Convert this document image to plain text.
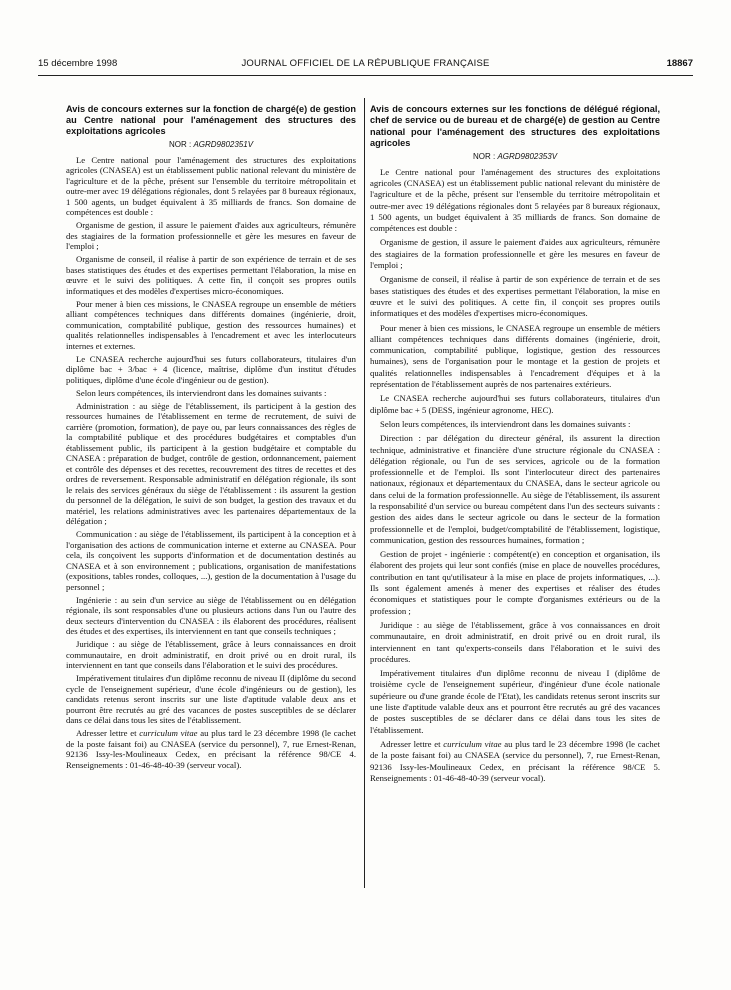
15 décembre 1998	JOURNAL OFFICIEL DE LA RÉPUBLIQUE FRANÇAISE	18867

Avis de concours externes sur la fonction de chargé(e) de gestion au Centre national pour l'aménagement des structures des exploitations agricoles

NOR : AGRD9802351V

Le Centre national pour l'aménagement des structures des exploitations agricoles (CNASEA) est un établissement public national relevant du ministère de l'agriculture et de la pêche, présent sur l'ensemble du territoire métropolitain et outre-mer avec 19 délégations régionales, dont 5 relayées par 8 bureaux régionaux, 1 500 agents, un budget équivalent à 35 milliards de francs. Son domaine de compétences est double :

Organisme de gestion, il assure le paiement d'aides aux agriculteurs, rémunère des stagiaires de la formation professionnelle et gère les mesures en faveur de l'emploi ;

Organisme de conseil, il réalise à partir de son expérience de terrain et de ses bases statistiques des études et des expertises permettant l'élaboration, la mise en œuvre et le suivi des politiques. A cette fin, il conçoit ses propres outils informatiques et des modèles d'expertises micro-économiques.

Pour mener à bien ces missions, le CNASEA regroupe un ensemble de métiers alliant compétences techniques dans différents domaines (ingénierie, droit, communication, comptabilité publique, gestion des ressources humaines) et qualités relationnelles indispensables à l'encadrement et avec les interlocuteurs internes et externes.

Le CNASEA recherche aujourd'hui ses futurs collaborateurs, titulaires d'un diplôme bac + 3/bac + 4 (licence, maîtrise, diplôme d'un institut d'études politiques, diplôme d'une école d'ingénieur ou de gestion).

Selon leurs compétences, ils interviendront dans les domaines suivants :

Administration : au siège de l'établissement, ils participent à la gestion des ressources humaines de l'établissement en terme de recrutement, de suivi de carrière (promotion, formation), de paye ou, par leurs connaissances des règles de la comptabilité publique et des procédures budgétaires et comptables d'un établissement public, ils participent à la gestion budgétaire et comptable du CNASEA : préparation de budget, contrôle de gestion, ordonnancement, paiement et contrôle des dépenses et des recettes, recouvrement des titres de recettes et des ordres de reversement. Responsable administratif en délégation régionale, ils sont le relais des services généraux du siège de l'établissement : ils assurent la gestion du personnel de la délégation, le suivi de son budget, la gestion des travaux et du matériel, les relations administratives avec les partenaires départementaux de la délégation ;

Communication : au siège de l'établissement, ils participent à la conception et à l'organisation des actions de communication interne et externe au CNASEA. Pour cela, ils conçoivent les supports d'information et de documentation destinés au CNASEA et à son environnement ; publications, organisation de manifestations (expositions, tables rondes, colloques, ...), gestion de la documentation à l'usage du personnel ;

Ingénierie : au sein d'un service au siège de l'établissement ou en délégation régionale, ils sont responsables d'une ou plusieurs actions dans l'un ou l'autre des deux secteurs d'intervention du CNASEA : ils élaborent des procédures, réalisent des études et des expertises, ils interviennent en tant que conseils techniques ;

Juridique : au siège de l'établissement, grâce à leurs connaissances en droit communautaire, en droit administratif, en droit privé ou en droit rural, ils interviennent en tant que conseils dans l'élaboration et le suivi des procédures.

Impérativement titulaires d'un diplôme reconnu de niveau II (diplôme du second cycle de l'enseignement supérieur, d'une école d'ingénieurs ou de gestion), les candidats retenus seront inscrits sur une liste d'aptitude valable deux ans et pourront être recrutés au gré des vacances de postes susceptibles de se déclarer dans ce délai dans tous les sites de l'établissement.

Adresser lettre et curriculum vitae au plus tard le 23 décembre 1998 (le cachet de la poste faisant foi) au CNASEA (service du personnel), 7, rue Ernest-Renan, 92136 Issy-les-Moulineaux Cedex, en précisant la référence 98/CE 4. Renseignements : 01-46-48-40-39 (serveur vocal).

Avis de concours externes sur les fonctions de délégué régional, chef de service ou de bureau et de chargé(e) de gestion au Centre national pour l'aménagement des structures des exploitations agricoles

NOR : AGRD9802353V

Le Centre national pour l'aménagement des structures des exploitations agricoles (CNASEA) est un établissement public national relevant du ministère de l'agriculture et de la pêche, présent sur l'ensemble du territoire métropolitain et outre-mer avec 19 délégations régionales dont 5 relayées par 8 bureaux régionaux, 1 500 agents, un budget équivalent à 35 milliards de francs. Son domaine de compétences est double :

Organisme de gestion, il assure le paiement d'aides aux agriculteurs, rémunère des stagiaires de la formation professionnelle et gère les mesures en faveur de l'emploi ;

Organisme de conseil, il réalise à partir de son expérience de terrain et de ses bases statistiques des études et des expertises permettant l'élaboration, la mise en œuvre et le suivi des politiques. A cette fin, il conçoit ses propres outils informatiques et des modèles d'expertises micro-économiques.

Pour mener à bien ces missions, le CNASEA regroupe un ensemble de métiers alliant compétences techniques dans différents domaines (ingénierie, droit, communication, comptabilité publique, logistique, gestion des ressources humaines), sens de l'organisation pour le montage et la gestion de projets et qualités relationnelles indispensables à l'encadrement d'équipes et à la représentation de l'établissement auprès de nos partenaires extérieurs.

Le CNASEA recherche aujourd'hui ses futurs collaborateurs, titulaires d'un diplôme bac + 5 (DESS, ingénieur agronome, HEC).

Selon leurs compétences, ils interviendront dans les domaines suivants :

Direction : par délégation du directeur général, ils assurent la direction technique, administrative et financière d'une structure régionale du CNASEA : délégation régionale, ou l'un de ses services, agricole ou de la formation professionnelle et de l'emploi. Ils sont l'interlocuteur direct des partenaires nationaux, régionaux et départementaux du CNASEA, dans le secteur agricole ou dans celui de la formation professionnelle. Au siège de l'établissement, ils assurent la responsabilité d'un service ou bureau compétent dans l'un des secteurs suivants : gestion des aides dans le secteur agricole ou dans le secteur de la formation professionnelle et de l'emploi, budget/comptabilité de l'établissement, logistique, communication, gestion des ressources humaines, formation ;

Gestion de projet - ingénierie : compétent(e) en conception et organisation, ils élaborent des projets qui leur sont confiés (mise en place de nouvelles procédures, contribution en tant qu'utilisateur à la mise en place de projets informatiques, ...). Ils sont également amenés à mener des expertises et réaliser des études économiques et statistiques pour le compte d'organismes extérieurs ou de la profession ;

Juridique : au siège de l'établissement, grâce à vos connaissances en droit communautaire, en droit administratif, en droit privé ou en droit rural, ils interviennent en tant qu'experts-conseils dans l'élaboration et le suivi des procédures.

Impérativement titulaires d'un diplôme reconnu de niveau I (diplôme de troisième cycle de l'enseignement supérieur, d'ingénieur d'une école nationale supérieure ou d'une grande école de l'Etat), les candidats retenus seront inscrits sur une liste d'aptitude valable deux ans et pourront être recrutés au gré des vacances de postes susceptibles de se déclarer dans ce délai dans tous les sites de l'établissement.

Adresser lettre et curriculum vitae au plus tard le 23 décembre 1998 (le cachet de la poste faisant foi) au CNASEA (service du personnel), 7, rue Ernest-Renan, 92136 Issy-les-Moulineaux Cedex, en précisant la référence 98/CE 5. Renseignements : 01-46-48-40-39 (serveur vocal).
